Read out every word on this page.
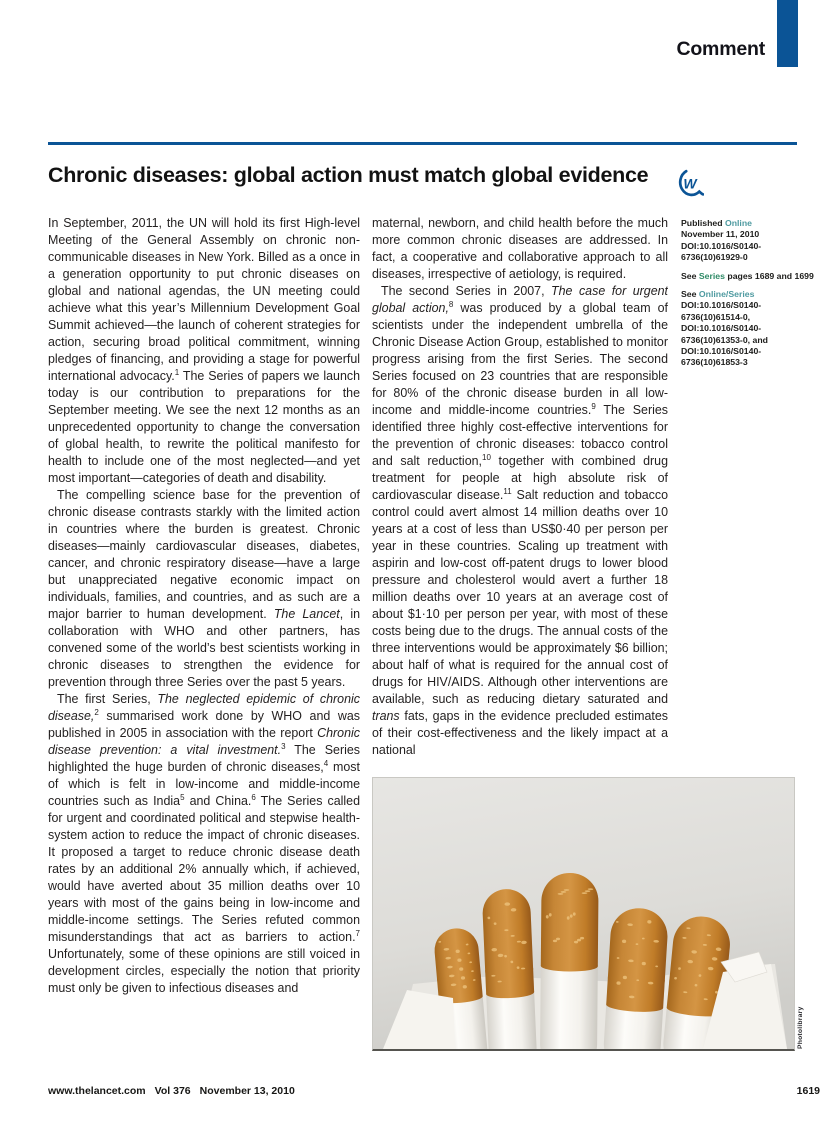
Comment
Chronic diseases: global action must match global evidence	W

In September, 2011, the UN will hold its first High-level Meeting of the General Assembly on chronic non-communicable diseases in New York. Billed as a once in a generation opportunity to put chronic diseases on global and national agendas, the UN meeting could achieve what this year’s Millennium Development Goal Summit achieved—the launch of coherent strategies for action, securing broad political commitment, winning pledges of financing, and providing a stage for powerful international advocacy.$^1$ The Series of papers we launch today is our contribution to preparations for the September meeting. We see the next 12 months as an unprecedented opportunity to change the conversation of global health, to rewrite the political manifesto for health to include one of the most neglected—and yet most important—categories of death and disability.

The compelling science base for the prevention of chronic disease contrasts starkly with the limited action in countries where the burden is greatest. Chronic diseases—mainly cardiovascular diseases, diabetes, cancer, and chronic respiratory disease—have a large but unappreciated negative economic impact on individuals, families, and countries, and as such are a major barrier to human development. The Lancet, in collaboration with WHO and other partners, has convened some of the world’s best scientists working in chronic diseases to strengthen the evidence for prevention through three Series over the past 5 years.

The first Series, The neglected epidemic of chronic disease,$^2$ summarised work done by WHO and was published in 2005 in association with the report Chronic disease prevention: a vital investment.$^3$ The Series highlighted the huge burden of chronic diseases,$^4$ most of which is felt in low-income and middle-income countries such as India$^5$ and China.$^6$ The Series called for urgent and coordinated political and stepwise health-system action to reduce the impact of chronic diseases. It proposed a target to reduce chronic disease death rates by an additional 2% annually which, if achieved, would have averted about 35 million deaths over 10 years with most of the gains being in low-income and middle-income settings. The Series refuted common misunderstandings that act as barriers to action.$^7$ Unfortunately, some of these opinions are still voiced in development circles, especially the notion that priority must only be given to infectious diseases and

maternal, newborn, and child health before the much more common chronic diseases are addressed. In fact, a cooperative and collaborative approach to all diseases, irrespective of aetiology, is required.

The second Series in 2007, The case for urgent global action,$^8$ was produced by a global team of scientists under the independent umbrella of the Chronic Disease Action Group, established to monitor progress arising from the first Series. The second Series focused on 23 countries that are responsible for 80% of the chronic disease burden in all low-income and middle-income countries.$^9$ The Series identified three highly cost-effective interventions for the prevention of chronic diseases: tobacco control and salt reduction,$^{10}$ together with combined drug treatment for people at high absolute risk of cardiovascular disease.$^{11}$ Salt reduction and tobacco control could avert almost 14 million deaths over 10 years at a cost of less than US$0·40 per person per year in these countries. Scaling up treatment with aspirin and low-cost off-patent drugs to lower blood pressure and cholesterol would avert a further 18 million deaths over 10 years at an average cost of about $1·10 per person per year, with most of these costs being due to the drugs. The annual costs of the three interventions would be approximately $6 billion; about half of what is required for the annual cost of drugs for HIV/AIDS. Although other interventions are available, such as reducing dietary saturated and trans fats, gaps in the evidence precluded estimates of their cost-effectiveness and the likely impact at a national

Published Online
November 11, 2010
DOI:10.1016/S0140-
6736(10)61929-0
See Series pages 1689 and 1699
See Online/Series
DOI:10.1016/S0140-
6736(10)61514-0,
DOI:10.1016/S0140-
6736(10)61353-0, and
DOI:10.1016/S0140-
6736(10)61853-3
Photolibrary
www.thelancet.com Vol 376 November 13, 2010	1619
